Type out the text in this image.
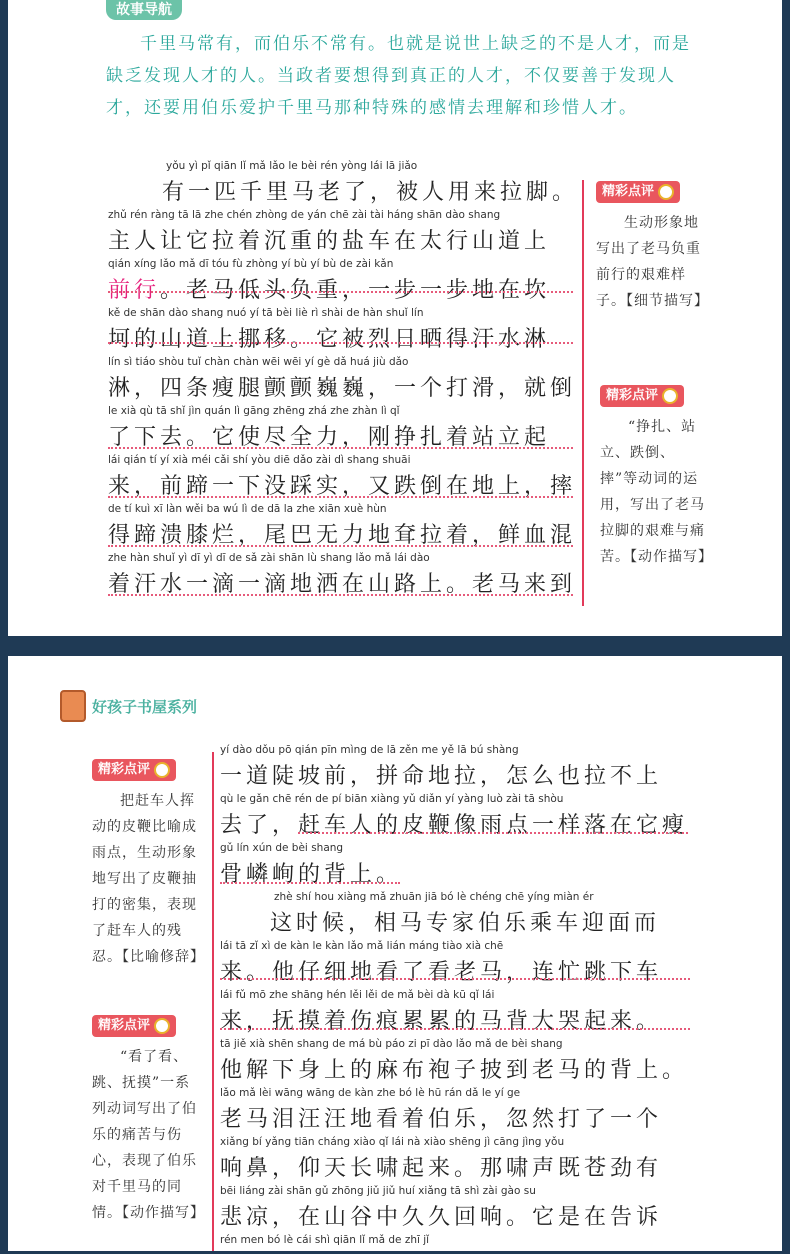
故事导航

千里马常有，而伯乐不常有。也就是说世上缺乏的不是人才，而是缺乏发现人才的人。当政者要想得到真正的人才，不仅要善于发现人才，还要用伯乐爱护千里马那种特殊的感情去理解和珍惜人才。

yǒu yì pǐ qiān lǐ mǎ lǎo le bèi rén yòng lái lā jiǎo
有一匹千里马老了，被人用来拉脚。
zhǔ rén ràng tā lā zhe chén zhòng de yán chē zài tài háng shān dào shang
主人让它拉着沉重的盐车在太行山道上
qián xíng lǎo mǎ dī tóu fù zhòng yí bù yí bù de zài kǎn
前行。老马低头负重，一步一步地在坎
kě de shān dào shang nuó yí tā bèi liè rì shài de hàn shuǐ lín
坷的山道上挪移。它被烈日晒得汗水淋
lín sì tiáo shòu tuǐ chàn chàn wēi wēi yí gè dǎ huá jiù dǎo
淋，四条瘦腿颤颤巍巍，一个打滑，就倒
le xià qù tā shǐ jìn quán lì gāng zhēng zhá zhe zhàn lì qǐ
了下去。它使尽全力，刚挣扎着站立起
lái qián tí yí xià méi cǎi shí yòu diē dǎo zài dì shang shuāi
来，前蹄一下没踩实，又跌倒在地上，摔
de tí kuì xī làn wěi ba wú lì de dā la zhe xiān xuè hùn
得蹄溃膝烂，尾巴无力地耷拉着，鲜血混
zhe hàn shuǐ yì dī yì dī de sǎ zài shān lù shang lǎo mǎ lái dào
着汗水一滴一滴地洒在山路上。老马来到
精彩点评

生动形象地写出了老马负重前行的艰难样子。【细节描写】

精彩点评

“挣扎、站立、跌倒、摔”等动词的运用，写出了老马拉脚的艰难与痛苦。【动作描写】

好孩子书屋系列
精彩点评

把赶车人挥动的皮鞭比喻成雨点，生动形象地写出了皮鞭抽打的密集，表现了赶车人的残忍。【比喻修辞】

精彩点评

“看了看、跳、抚摸”一系列动词写出了伯乐的痛苦与伤心，表现了伯乐对千里马的同情。【动作描写】

yí dào dǒu pō qián pīn mìng de lā zěn me yě lā bú shàng
一道陡坡前，拼命地拉，怎么也拉不上
qù le gǎn chē rén de pí biān xiàng yǔ diǎn yí yàng luò zài tā shòu
去了，赶车人的皮鞭像雨点一样落在它瘦
gǔ lín xún de bèi shang
骨嶙峋的背上。
zhè shí hou xiàng mǎ zhuān jiā bó lè chéng chē yíng miàn ér
这时候，相马专家伯乐乘车迎面而
lái tā zǐ xì de kàn le kàn lǎo mǎ lián máng tiào xià chē
来。他仔细地看了看老马，连忙跳下车
lái fǔ mō zhe shāng hén lěi lěi de mǎ bèi dà kū qǐ lái
来，抚摸着伤痕累累的马背大哭起来。
tā jiě xià shēn shang de má bù páo zi pī dào lǎo mǎ de bèi shang
他解下身上的麻布袍子披到老马的背上。
lǎo mǎ lèi wāng wāng de kàn zhe bó lè hū rán dǎ le yí ge
老马泪汪汪地看着伯乐，忽然打了一个
xiǎng bí yǎng tiān cháng xiào qǐ lái nà xiào shēng jì cāng jìng yǒu
响鼻，仰天长啸起来。那啸声既苍劲有
bēi liáng zài shān gǔ zhōng jiǔ jiǔ huí xiǎng tā shì zài gào su
悲凉，在山谷中久久回响。它是在告诉
rén men bó lè cái shì qiān lǐ mǎ de zhī jǐ
